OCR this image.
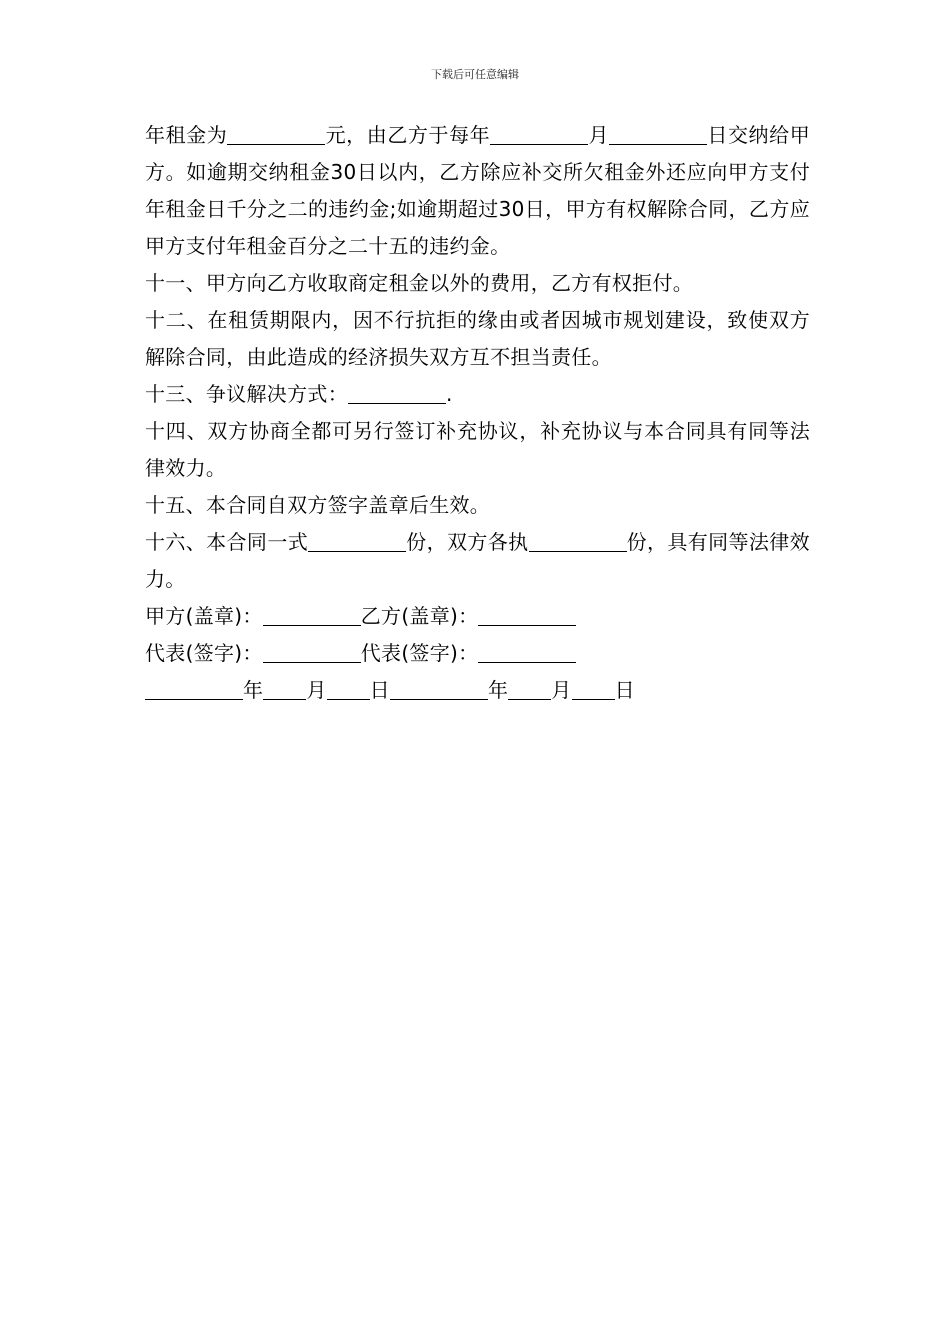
下载后可任意编辑

年租金为	元，由乙方于每年	月	日交纳给甲方。如逾期交纳租金30日以内，乙方除应补交所欠租金外还应向甲方支付年租金日千分之二的违约金;如逾期超过30日，甲方有权解除合同，乙方应甲方支付年租金百分之二十五的违约金。

十一、甲方向乙方收取商定租金以外的费用，乙方有权拒付。

十二、在租赁期限内，因不行抗拒的缘由或者因城市规划建设，致使双方解除合同，由此造成的经济损失双方互不担当责任。

十三、争议解决方式：	.

十四、双方协商全都可另行签订补充协议，补充协议与本合同具有同等法律效力。

十五、本合同自双方签字盖章后生效。

十六、本合同一式	份，双方各执	份，具有同等法律效力。

甲方(盖章)：	乙方(盖章)：

代表(签字)：	代表(签字)：

年 月 日	年 月 日
